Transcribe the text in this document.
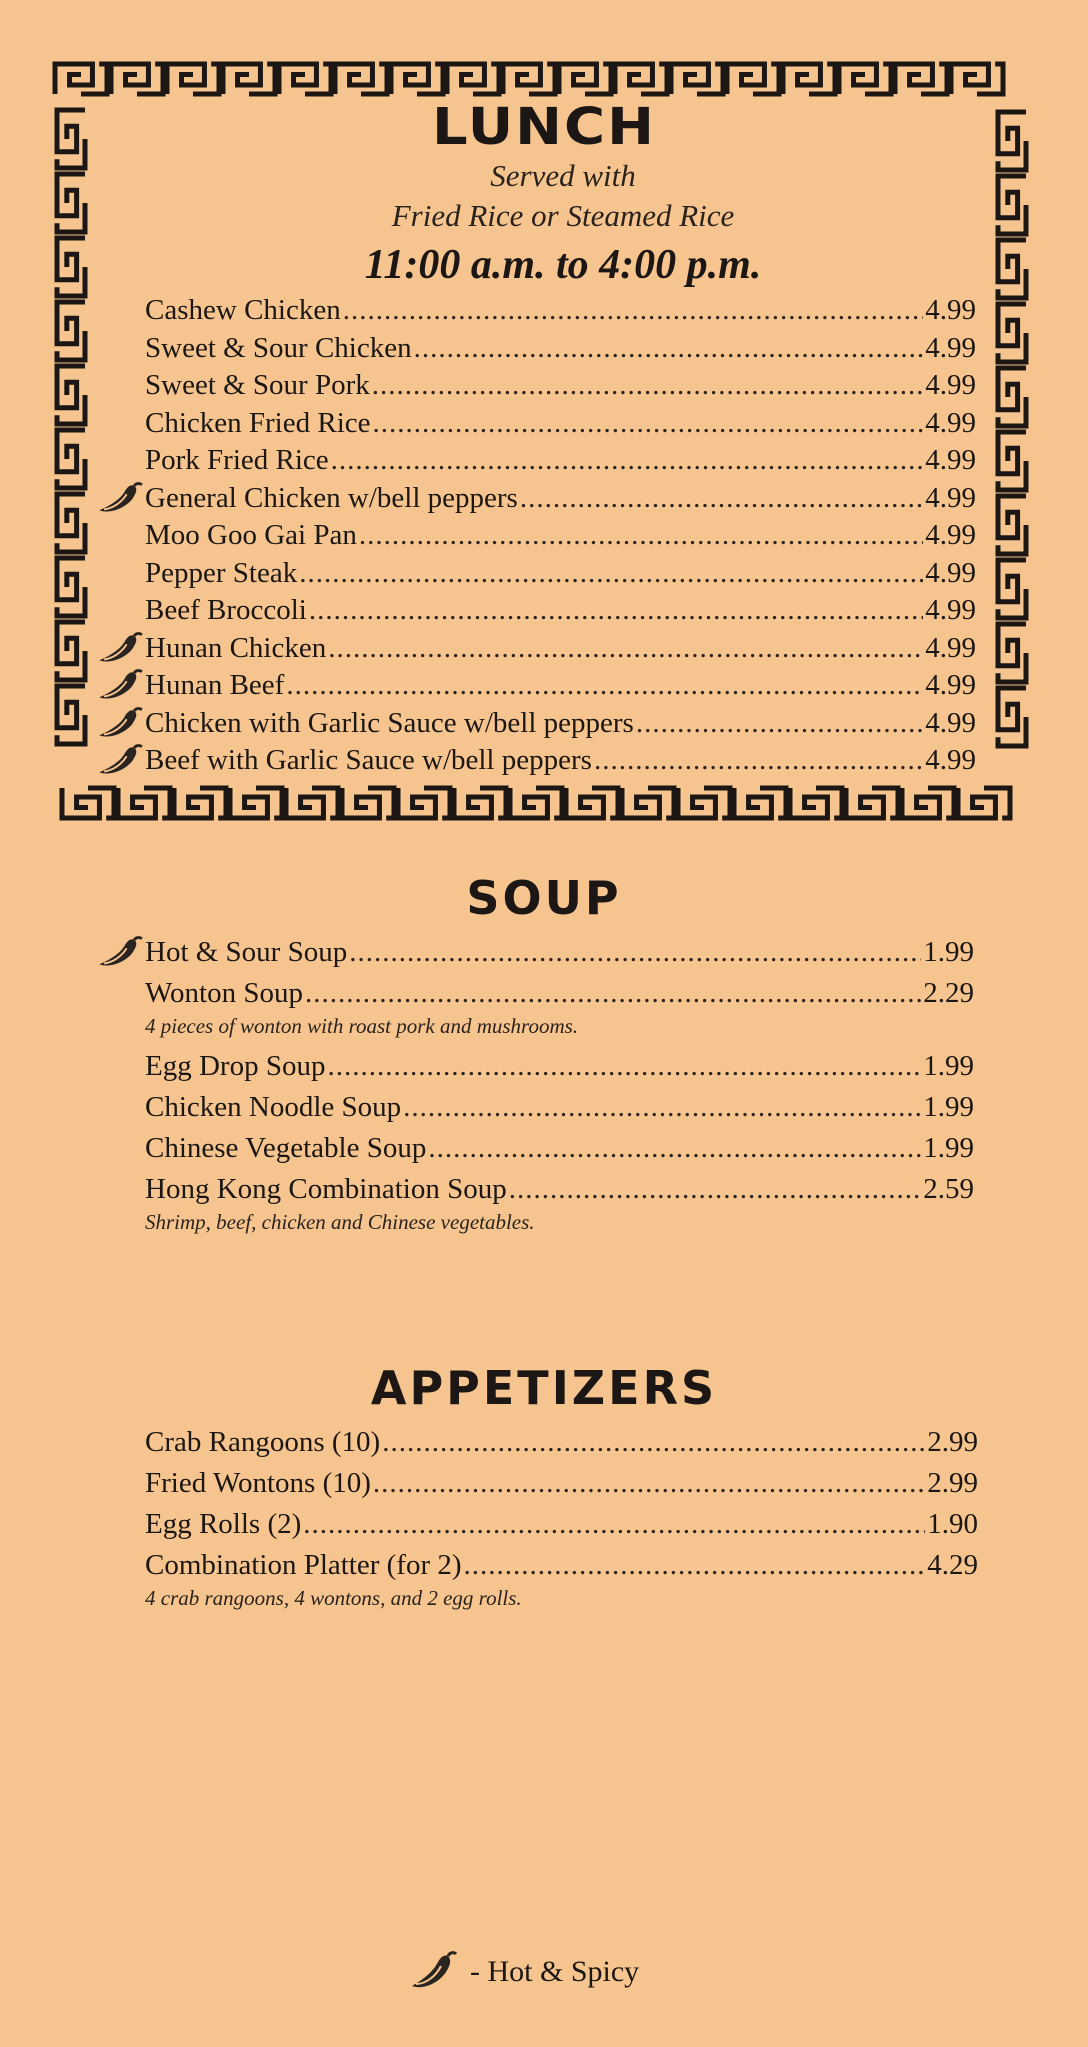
LUNCH
Served with
Fried Rice or Steamed Rice
11:00 a.m. to 4:00 p.m.
Cashew Chicken .....	4.99
Sweet & Sour Chicken .....	4.99
Sweet & Sour Pork .....	4.99
Chicken Fried Rice .....	4.99
Pork Fried Rice .....	4.99
General Chicken w/bell peppers .....	4.99
Moo Goo Gai Pan .....	4.99
Pepper Steak .....	4.99
Beef Broccoli .....	4.99
Hunan Chicken .....	4.99
Hunan Beef .....	4.99
Chicken with Garlic Sauce w/bell peppers .....	4.99
Beef with Garlic Sauce w/bell peppers .....	4.99
SOUP
Hot & Sour Soup .....	1.99
Wonton Soup .....	2.29
4 pieces of wonton with roast pork and mushrooms.
Egg Drop Soup .....	1.99
Chicken Noodle Soup .....	1.99
Chinese Vegetable Soup .....	1.99
Hong Kong Combination Soup .....	2.59
Shrimp, beef, chicken and Chinese vegetables.
APPETIZERS
Crab Rangoons (10) .....	2.99
Fried Wontons (10) .....	2.99
Egg Rolls (2) .....	1.90
Combination Platter (for 2) .....	4.29
4 crab rangoons, 4 wontons, and 2 egg rolls.
- Hot & Spicy
